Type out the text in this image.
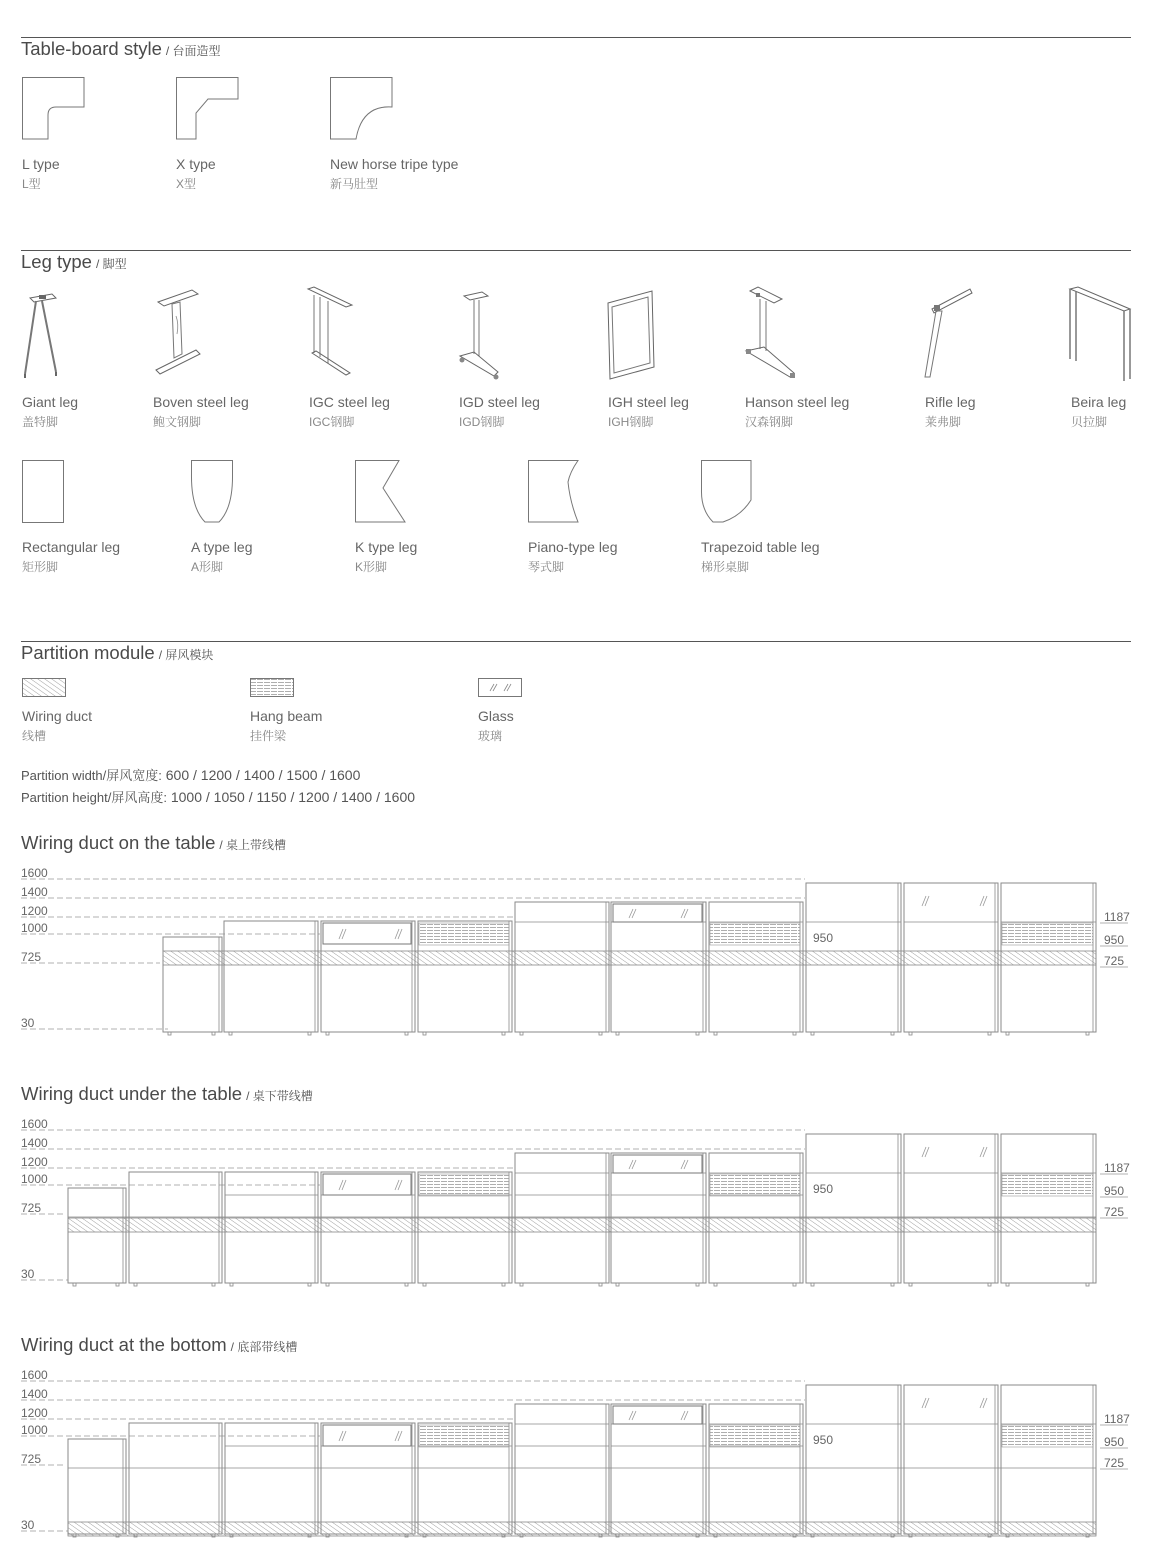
Table-board style / 台面造型
L type
L型
X type
X型
New horse tripe type
新马肚型
Leg type / 脚型
Giant leg
盖特脚
Boven steel leg
鲍文钢脚
IGC steel leg
IGC钢脚
IGD steel leg
IGD钢脚
IGH steel leg
IGH钢脚
Hanson steel leg
汉森钢脚
Rifle leg
莱弗脚
Beira leg
贝拉脚
Rectangular leg
矩形脚
A type leg
A形脚
K type leg
K形脚
Piano-type leg
琴式脚
Trapezoid table leg
梯形桌脚
Partition module / 屏风模块
Wiring duct
线槽
Hang beam
挂件梁
Glass
玻璃
Partition width/屏风宽度: 600 / 1200 / 1400 / 1500 / 1600
Partition height/屏风高度: 1000 / 1050 / 1150 / 1200 / 1400 / 1600
Wiring duct on the table / 桌上带线槽
1600
1400
1200
1000
725
30
950
1187
950
725
Wiring duct under the table / 桌下带线槽
1600
1400
1200
1000
725
30
950
1187
950
725
Wiring duct at the bottom / 底部带线槽
1600
1400
1200
1000
725
30
950
1187
950
725
